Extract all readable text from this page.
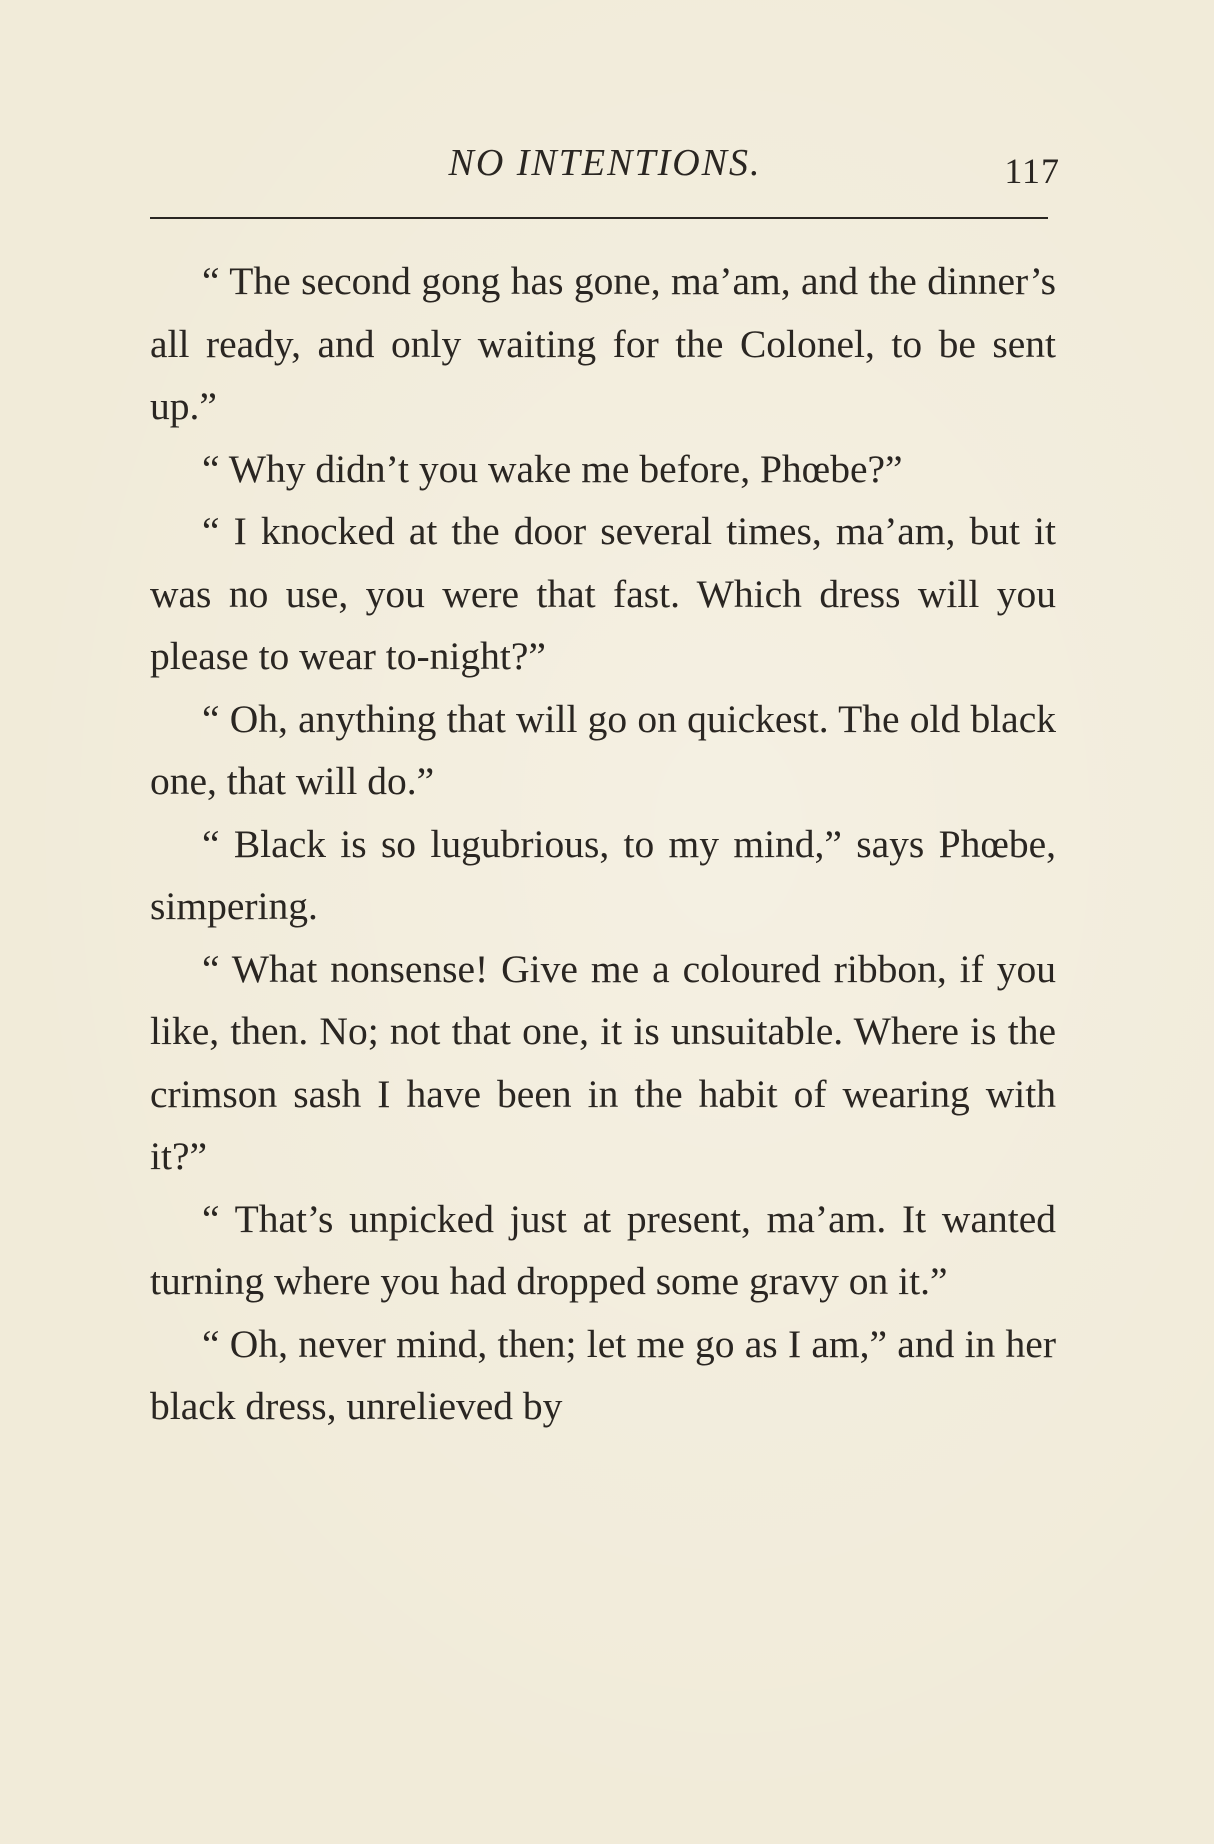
NO INTENTIONS.	117

“ The second gong has gone, ma’am, and the dinner’s all ready, and only waiting for the Colonel, to be sent up.”

“ Why didn’t you wake me before, Phœbe?”

“ I knocked at the door several times, ma’am, but it was no use, you were that fast. Which dress will you please to wear to-night?”

“ Oh, anything that will go on quickest. The old black one, that will do.”

“ Black is so lugubrious, to my mind,” says Phœbe, simpering.

“ What nonsense! Give me a coloured ribbon, if you like, then. No; not that one, it is unsuitable. Where is the crimson sash I have been in the habit of wearing with it?”

“ That’s unpicked just at present, ma’am. It wanted turning where you had dropped some gravy on it.”

“ Oh, never mind, then; let me go as I am,” and in her black dress, unrelieved by
